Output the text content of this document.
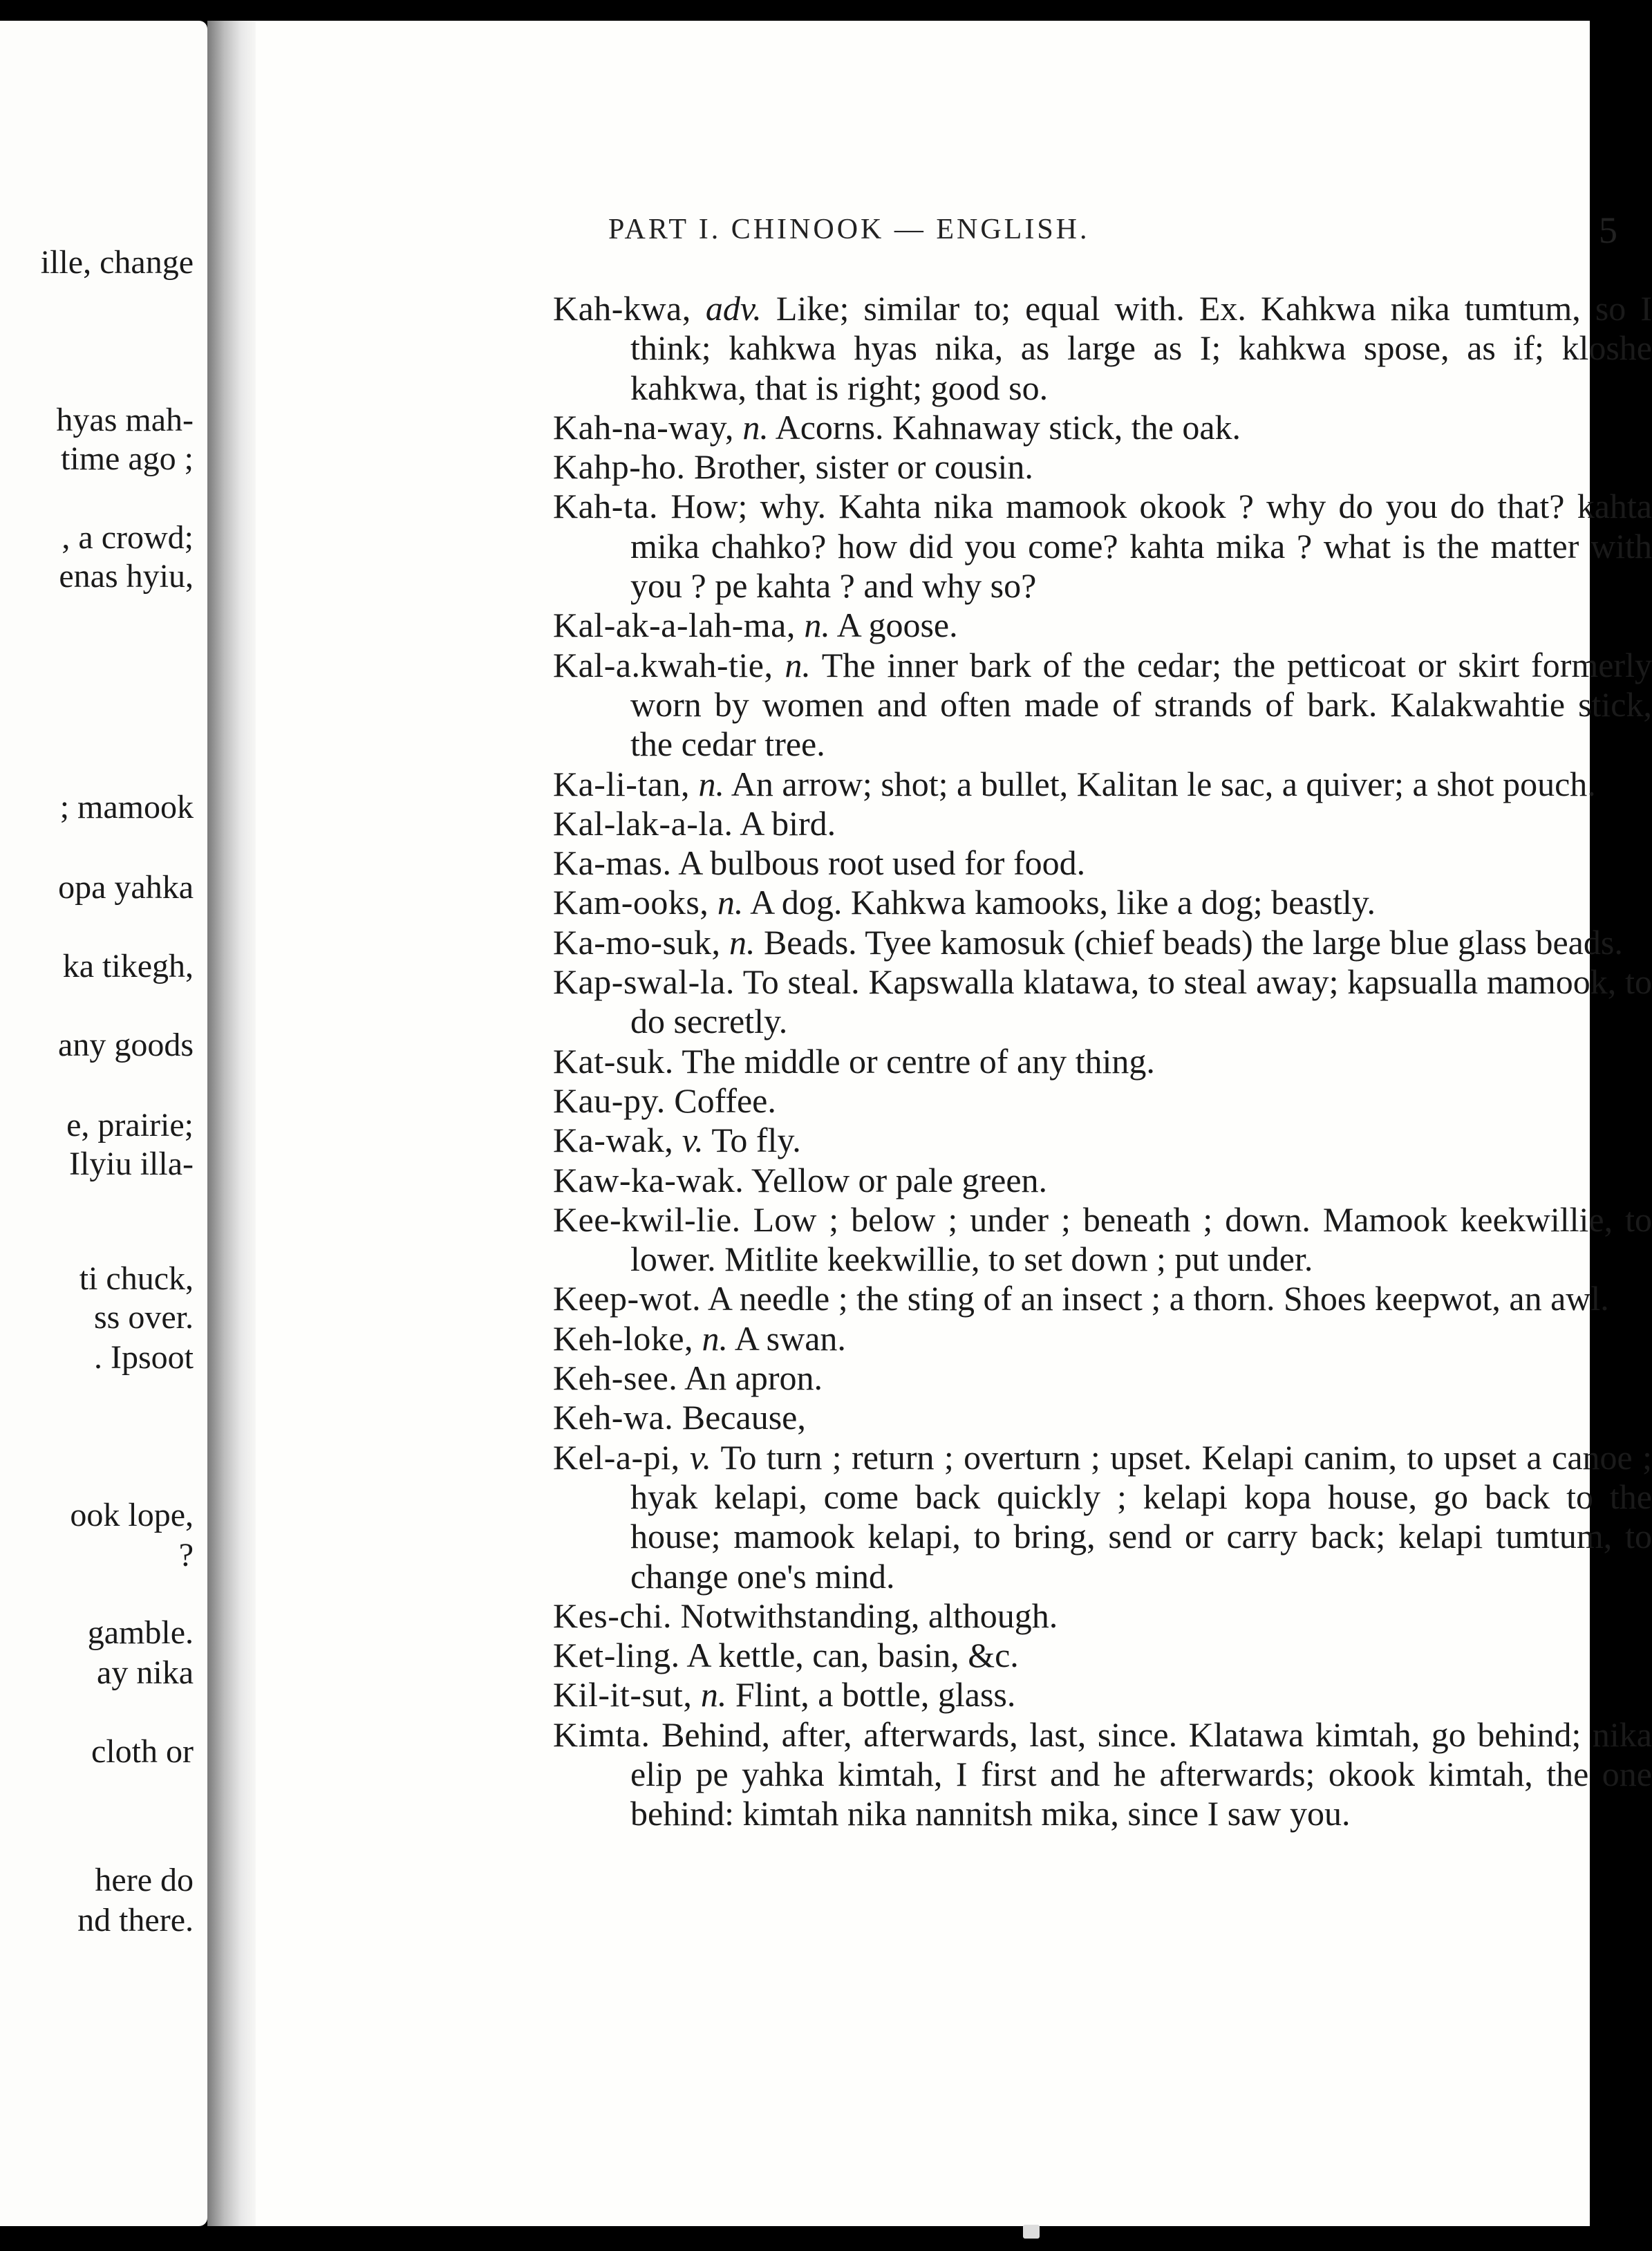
ille, change
hyas mah-
time ago ;
, a crowd;
enas hyiu,
; mamook
opa yahka
ka tikegh,
any goods
e, prairie;
Ilyiu illa-
ti chuck,
ss over.
. Ipsoot
ook lope,
?
gamble.
ay nika
cloth or
here do
nd there.
PART I. CHINOOK — ENGLISH.	5

Kah-kwa, adv. Like; similar to; equal with. Ex. Kahkwa nika tumtum, so I think; kahkwa hyas nika, as large as I; kahkwa spose, as if; kloshe kahkwa, that is right; good so.

Kah-na-way, n. Acorns. Kahnaway stick, the oak.

Kahp-ho. Brother, sister or cousin.

Kah-ta. How; why. Kahta nika mamook okook ? why do you do that? kahta mika chahko? how did you come? kahta mika ? what is the matter with you ? pe kahta ? and why so?

Kal-ak-a-lah-ma, n. A goose.

Kal-a.kwah-tie, n. The inner bark of the cedar; the petticoat or skirt formerly worn by women and often made of strands of bark. Kalakwahtie stick, the cedar tree.

Ka-li-tan, n. An arrow; shot; a bullet, Kalitan le sac, a quiver; a shot pouch.

Kal-lak-a-la. A bird.

Ka-mas. A bulbous root used for food.

Kam-ooks, n. A dog. Kahkwa kamooks, like a dog; beastly.

Ka-mo-suk, n. Beads. Tyee kamosuk (chief beads) the large blue glass beads.

Kap-swal-la. To steal. Kapswalla klatawa, to steal away; kapsualla mamook, to do secretly.

Kat-suk. The middle or centre of any thing.

Kau-py. Coffee.

Ka-wak, v. To fly.

Kaw-ka-wak. Yellow or pale green.

Kee-kwil-lie. Low ; below ; under ; beneath ; down. Mamook keekwillie, to lower. Mitlite keekwillie, to set down ; put under.

Keep-wot. A needle ; the sting of an insect ; a thorn. Shoes keepwot, an awl.

Keh-loke, n. A swan.

Keh-see. An apron.

Keh-wa. Because,

Kel-a-pi, v. To turn ; return ; overturn ; upset. Kelapi canim, to upset a canoe ; hyak kelapi, come back quickly ; kelapi kopa house, go back to the house; mamook kelapi, to bring, send or carry back; kelapi tumtum, to change one's mind.

Kes-chi. Notwithstanding, although.

Ket-ling. A kettle, can, basin, &c.

Kil-it-sut, n. Flint, a bottle, glass.

Kimta. Behind, after, afterwards, last, since. Klatawa kimtah, go behind; nika elip pe yahka kimtah, I first and he afterwards; okook kimtah, the one behind: kimtah nika nannitsh mika, since I saw you.
